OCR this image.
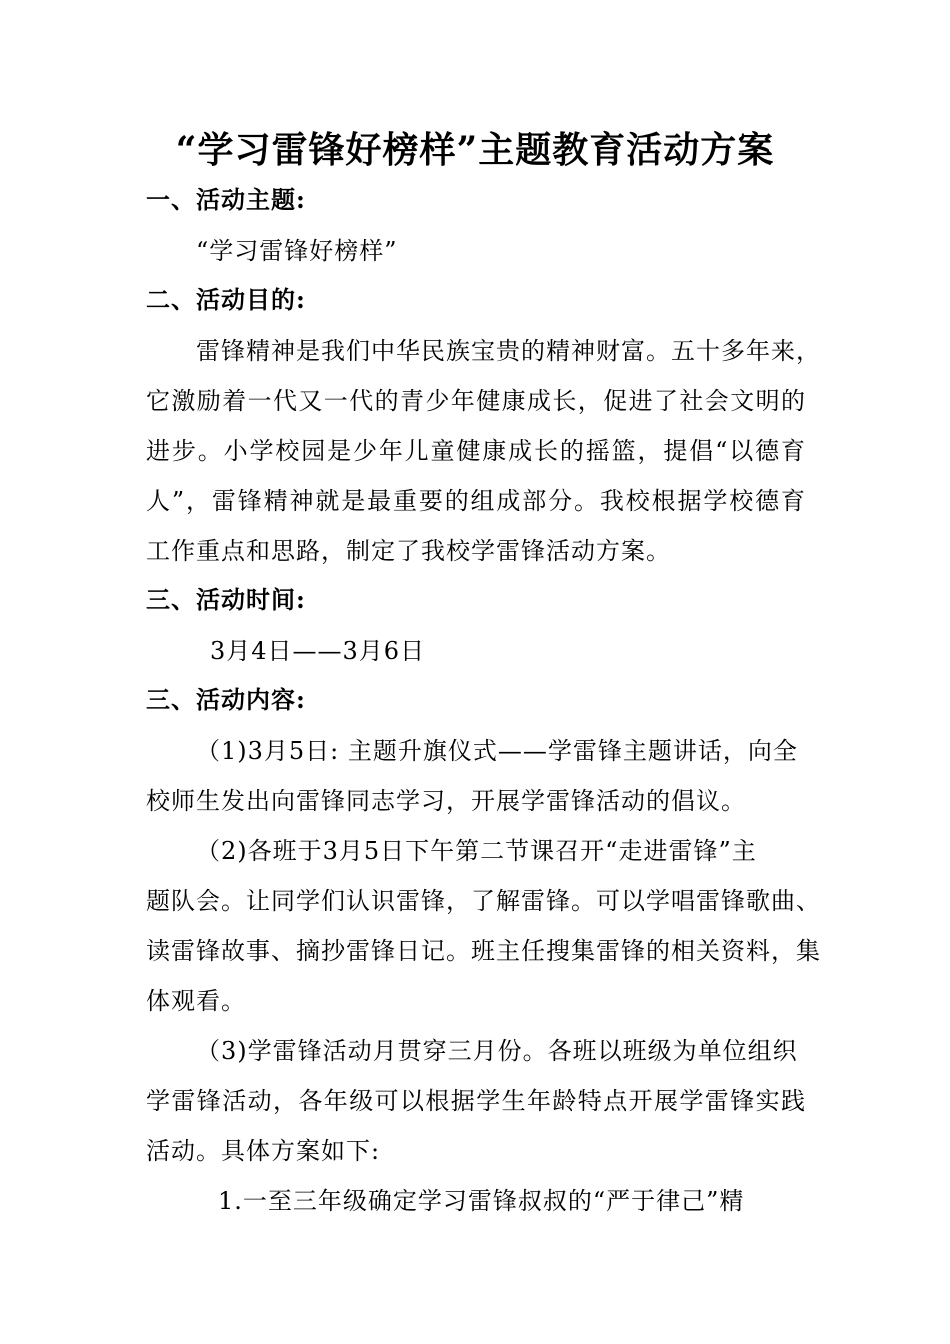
“学习雷锋好榜样”主题教育活动方案
一、活动主题:
“学习雷锋好榜样”
二、活动目的:
雷锋精神是我们中华民族宝贵的精神财富。五十多年来，
它激励着一代又一代的青少年健康成长，促进了社会文明的
进步。小学校园是少年儿童健康成长的摇篮，提倡“以德育
人”，雷锋精神就是最重要的组成部分。我校根据学校德育
工作重点和思路，制定了我校学雷锋活动方案。
三、活动时间:
3月4日——3月6日
三、活动内容:
（1)3月5日: 主题升旗仪式——学雷锋主题讲话，向全
校师生发出向雷锋同志学习，开展学雷锋活动的倡议。
（2)各班于3月5日下午第二节课召开“走进雷锋”主
题队会。让同学们认识雷锋，了解雷锋。可以学唱雷锋歌曲、
读雷锋故事、摘抄雷锋日记。班主任搜集雷锋的相关资料，集
体观看。
（3)学雷锋活动月贯穿三月份。各班以班级为单位组织
学雷锋活动，各年级可以根据学生年龄特点开展学雷锋实践
活动。具体方案如下:
1.一至三年级确定学习雷锋叔叔的“严于律己”精
